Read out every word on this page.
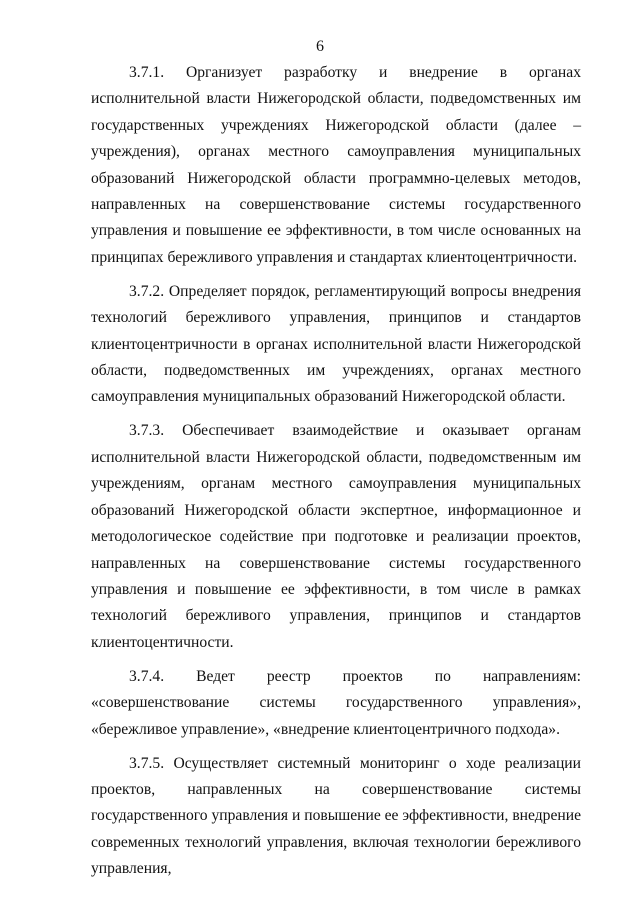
6

3.7.1. Организует разработку и внедрение в органах исполнительной власти Нижегородской области, подведомственных им государственных учреждениях Нижегородской области (далее – учреждения), органах местного самоуправления муниципальных образований Нижегородской области программно-целевых методов, направленных на совершенствование системы государственного управления и повышение ее эффективности, в том числе основанных на принципах бережливого управления и стандартах клиентоцентричности.

3.7.2. Определяет порядок, регламентирующий вопросы внедрения технологий бережливого управления, принципов и стандартов клиентоцентричности в органах исполнительной власти Нижегородской области, подведомственных им учреждениях, органах местного самоуправления муниципальных образований Нижегородской области.

3.7.3. Обеспечивает взаимодействие и оказывает органам исполнительной власти Нижегородской области, подведомственным им учреждениям, органам местного самоуправления муниципальных образований Нижегородской области экспертное, информационное и методологическое содействие при подготовке и реализации проектов, направленных на совершенствование системы государственного управления и повышение ее эффективности, в том числе в рамках технологий бережливого управления, принципов и стандартов клиентоцентичности.

3.7.4. Ведет реестр проектов по направлениям: «совершенствование системы государственного управления», «бережливое управление», «внедрение клиентоцентричного подхода».

3.7.5. Осуществляет системный мониторинг о ходе реализации проектов, направленных на совершенствование системы государственного управления и повышение ее эффективности, внедрение современных технологий управления, включая технологии бережливого управления,
